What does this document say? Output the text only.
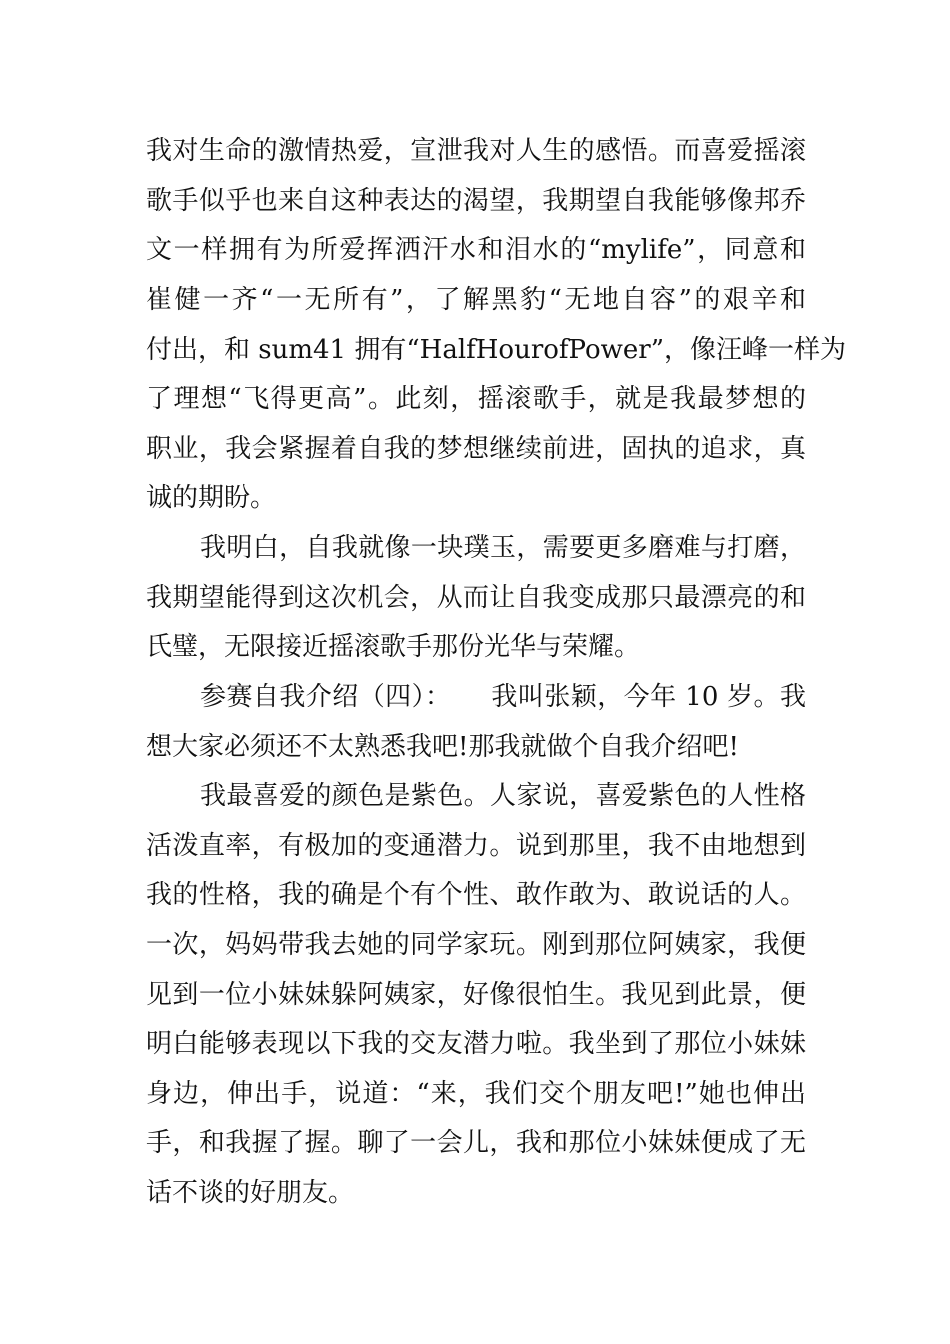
我对生命的激情热爱，宣泄我对人生的感悟。而喜爱摇滚
歌手似乎也来自这种表达的渴望，我期望自我能够像邦乔
文一样拥有为所爱挥洒汗水和泪水的“mylife”，同意和
崔健一齐“一无所有”，了解黑豹“无地自容”的艰辛和
付出，和 sum41 拥有“HalfHourofPower”，像汪峰一样为
了理想“飞得更高”。此刻，摇滚歌手，就是我最梦想的
职业，我会紧握着自我的梦想继续前进，固执的追求，真
诚的期盼。
我明白，自我就像一块璞玉，需要更多磨难与打磨，
我期望能得到这次机会，从而让自我变成那只最漂亮的和
氏璧，无限接近摇滚歌手那份光华与荣耀。
参赛自我介绍（四）：　　我叫张颖，今年 10 岁。我
想大家必须还不太熟悉我吧!那我就做个自我介绍吧!
我最喜爱的颜色是紫色。人家说，喜爱紫色的人性格
活泼直率，有极加的变通潜力。说到那里，我不由地想到
我的性格，我的确是个有个性、敢作敢为、敢说话的人。
一次，妈妈带我去她的同学家玩。刚到那位阿姨家，我便
见到一位小妹妹躲阿姨家，好像很怕生。我见到此景，便
明白能够表现以下我的交友潜力啦。我坐到了那位小妹妹
身边，伸出手，说道：“来，我们交个朋友吧!”她也伸出
手，和我握了握。聊了一会儿，我和那位小妹妹便成了无
话不谈的好朋友。
